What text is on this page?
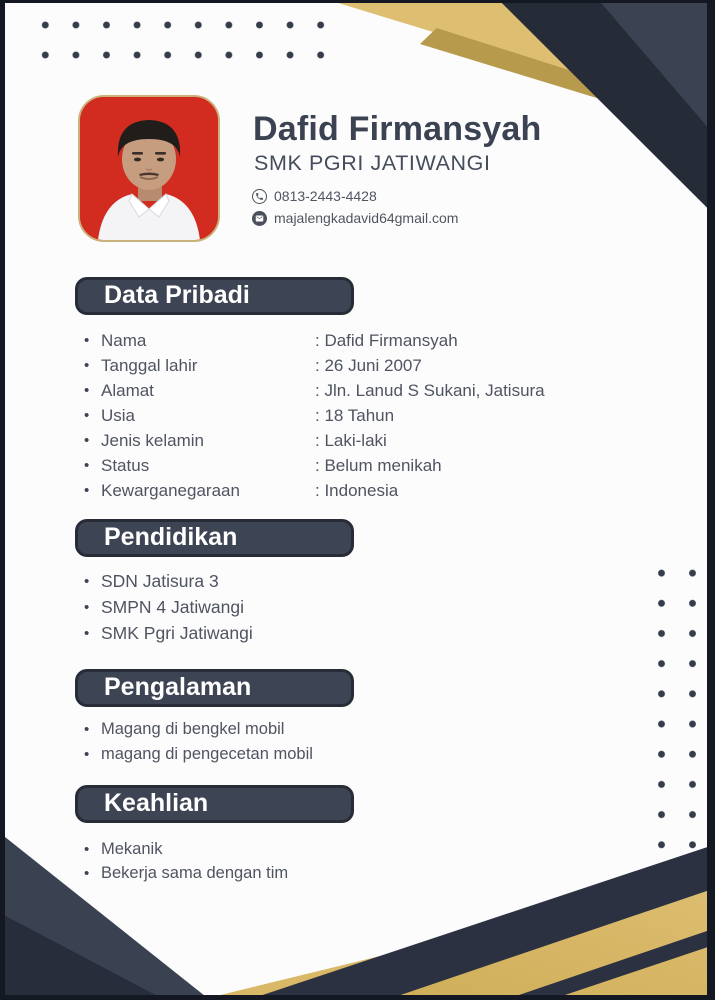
Dafid Firmansyah
SMK PGRI JATIWANGI
0813-2443-4428
majalengkadavid64gmail.com
Data Pribadi
• Nama	: Dafid Firmansyah
• Tanggal lahir	: 26 Juni 2007
• Alamat	: Jln. Lanud S Sukani, Jatisura
• Usia	: 18 Tahun
• Jenis kelamin	: Laki-laki
• Status	: Belum menikah
• Kewarganegaraan	: Indonesia
Pendidikan
• SDN Jatisura 3
• SMPN 4 Jatiwangi
• SMK Pgri Jatiwangi
Pengalaman
• Magang di bengkel mobil
• magang di pengecetan mobil
Keahlian
• Mekanik
• Bekerja sama dengan tim
